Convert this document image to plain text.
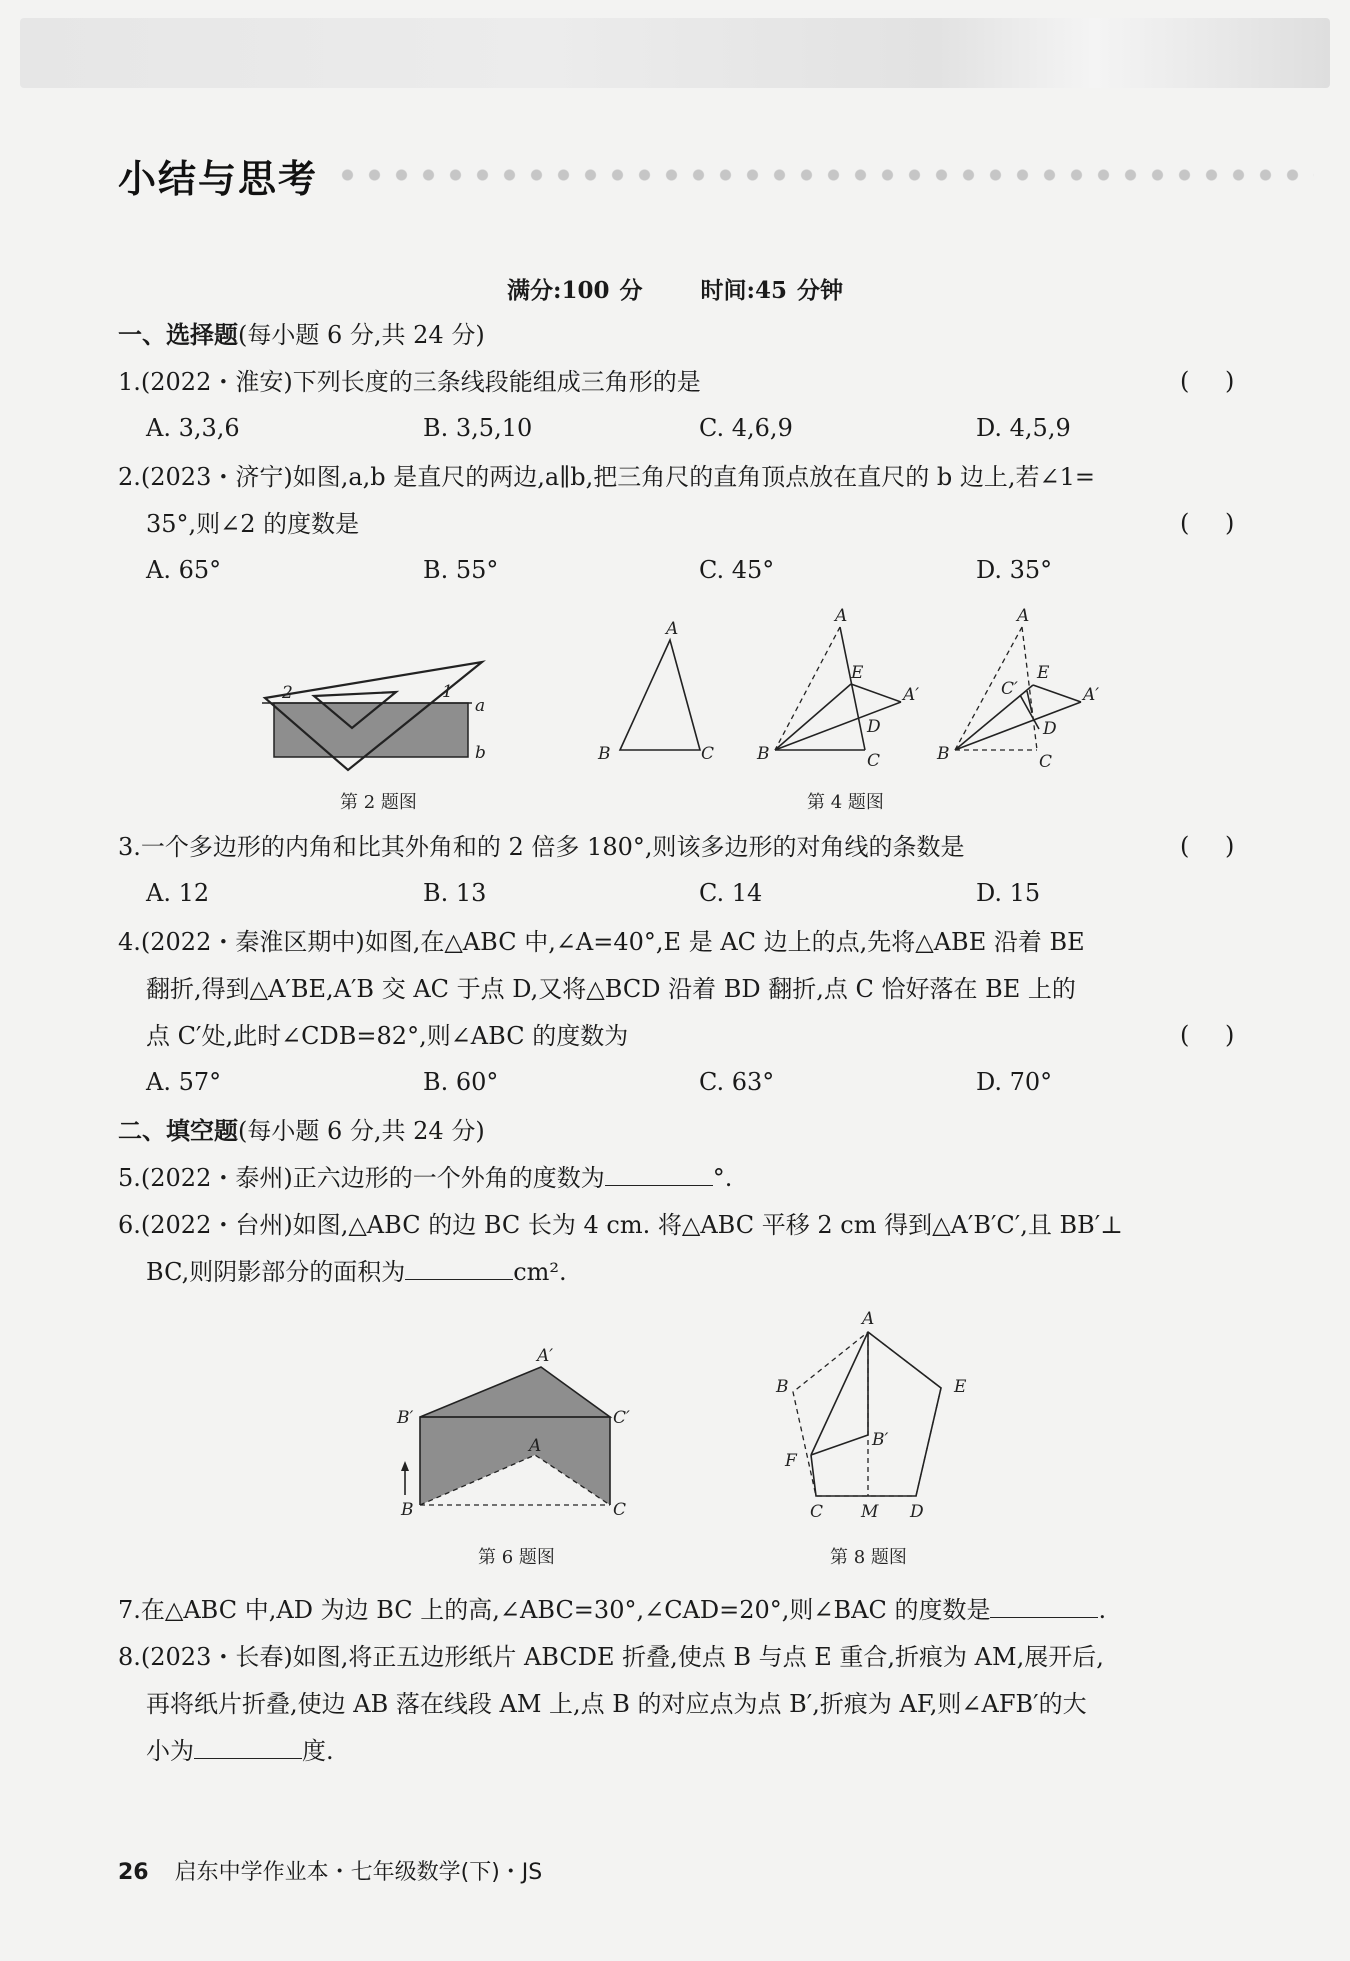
小结与思考
满分:100 分	时间:45 分钟
一、选择题(每小题 6 分,共 24 分)
1.(2022・淮安)下列长度的三条线段能组成三角形的是	( )
A. 3,3,6	B. 3,5,10	C. 4,6,9	D. 4,5,9
2.(2023・济宁)如图,a,b 是直尺的两边,a∥b,把三角尺的直角顶点放在直尺的 b 边上,若∠1=
35°,则∠2 的度数是	( )
A. 65°	B. 55°	C. 45°	D. 35°
2	1
a
b
第 2 题图
A
B	C
A
E
A′
D
B	C
A
C′
E
A′
D
B	C
第 4 题图
3.一个多边形的内角和比其外角和的 2 倍多 180°,则该多边形的对角线的条数是	( )
A. 12	B. 13	C. 14	D. 15
4.(2022・秦淮区期中)如图,在△ABC 中,∠A=40°,E 是 AC 边上的点,先将△ABE 沿着 BE
翻折,得到△A′BE,A′B 交 AC 于点 D,又将△BCD 沿着 BD 翻折,点 C 恰好落在 BE 上的
点 C′处,此时∠CDB=82°,则∠ABC 的度数为	( )
A. 57°	B. 60°	C. 63°	D. 70°
二、填空题(每小题 6 分,共 24 分)
5.(2022・泰州)正六边形的一个外角的度数为	°.
6.(2022・台州)如图,△ABC 的边 BC 长为 4 cm. 将△ABC 平移 2 cm 得到△A′B′C′,且 BB′⊥
BC,则阴影部分的面积为	cm².
A′
B′	C′
A
B	C
第 6 题图
A
B	E
B′
F
C M D
第 8 题图
7.在△ABC 中,AD 为边 BC 上的高,∠ABC=30°,∠CAD=20°,则∠BAC 的度数是	.
8.(2023・长春)如图,将正五边形纸片 ABCDE 折叠,使点 B 与点 E 重合,折痕为 AM,展开后,
再将纸片折叠,使边 AB 落在线段 AM 上,点 B 的对应点为点 B′,折痕为 AF,则∠AFB′的大
小为	度.
26 启东中学作业本・七年级数学(下)・JS
